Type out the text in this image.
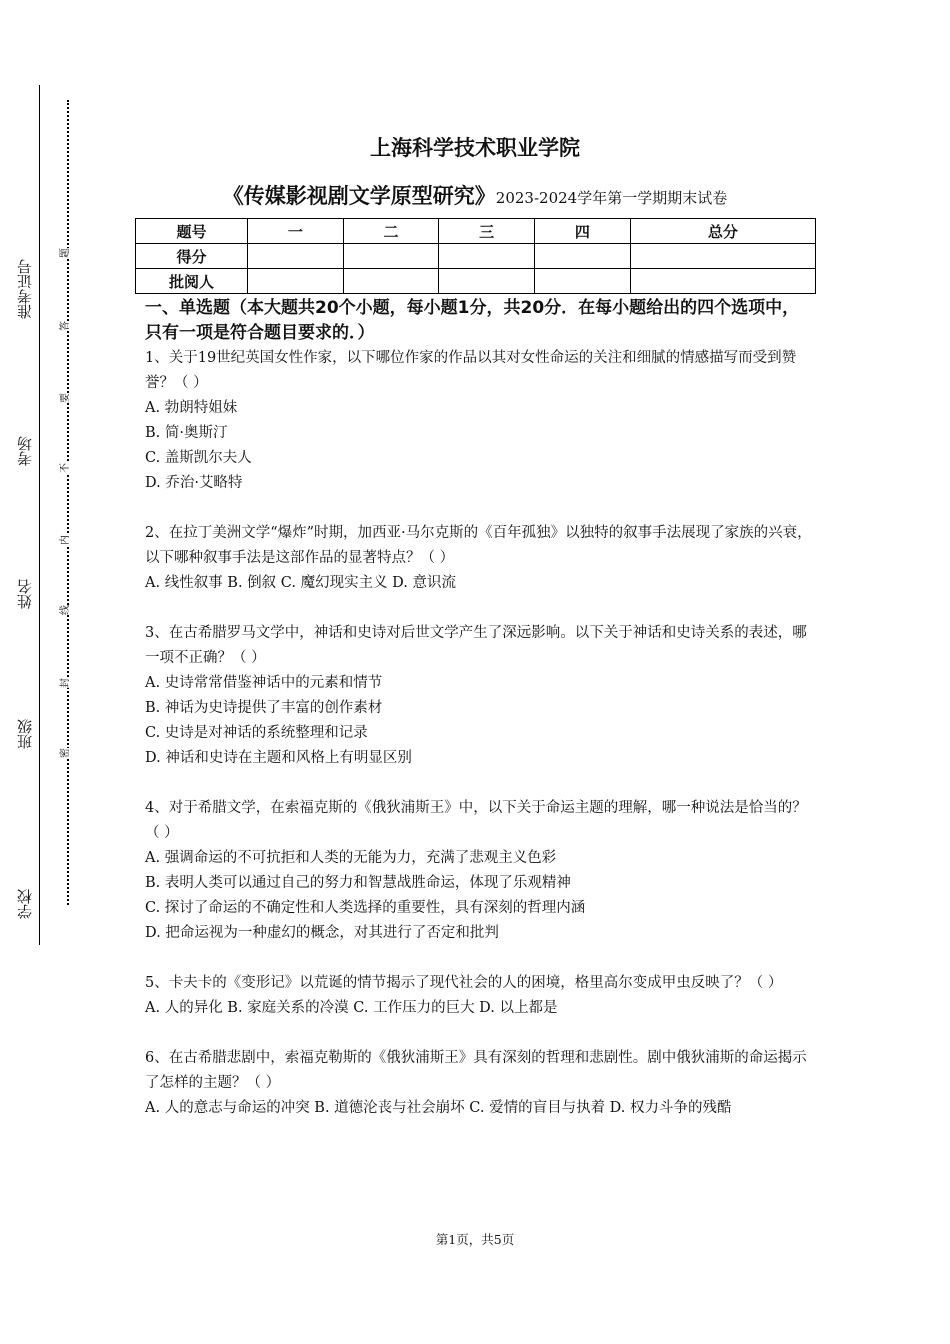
准考证号
考场
姓名
班级
学校
题
答
要
不
内
线
封
密
上海科学技术职业学院
《传媒影视剧文学原型研究》2023-2024学年第一学期期末试卷
题号	一	二	三	四	总分
得分					
批阅人					
一、单选题（本大题共20个小题，每小题1分，共20分．在每小题给出的四个选项中，只有一项是符合题目要求的．）

1、关于19世纪英国女性作家，以下哪位作家的作品以其对女性命运的关注和细腻的情感描写而受到赞誉？（ ）

A. 勃朗特姐妹

B. 简·奥斯汀

C. 盖斯凯尔夫人

D. 乔治·艾略特

2、在拉丁美洲文学“爆炸”时期，加西亚·马尔克斯的《百年孤独》以独特的叙事手法展现了家族的兴衰，以下哪种叙事手法是这部作品的显著特点？（ ）

A. 线性叙事 B. 倒叙 C. 魔幻现实主义 D. 意识流

3、在古希腊罗马文学中，神话和史诗对后世文学产生了深远影响。以下关于神话和史诗关系的表述，哪一项不正确？（ ）

A. 史诗常常借鉴神话中的元素和情节

B. 神话为史诗提供了丰富的创作素材

C. 史诗是对神话的系统整理和记录

D. 神话和史诗在主题和风格上有明显区别

4、对于希腊文学，在索福克斯的《俄狄浦斯王》中，以下关于命运主题的理解，哪一种说法是恰当的？（ ）

A. 强调命运的不可抗拒和人类的无能为力，充满了悲观主义色彩

B. 表明人类可以通过自己的努力和智慧战胜命运，体现了乐观精神

C. 探讨了命运的不确定性和人类选择的重要性，具有深刻的哲理内涵

D. 把命运视为一种虚幻的概念，对其进行了否定和批判

5、卡夫卡的《变形记》以荒诞的情节揭示了现代社会的人的困境，格里高尔变成甲虫反映了？（ ）

A. 人的异化 B. 家庭关系的冷漠 C. 工作压力的巨大 D. 以上都是

6、在古希腊悲剧中，索福克勒斯的《俄狄浦斯王》具有深刻的哲理和悲剧性。剧中俄狄浦斯的命运揭示了怎样的主题？（ ）

A. 人的意志与命运的冲突 B. 道德沦丧与社会崩坏 C. 爱情的盲目与执着 D. 权力斗争的残酷

第1页，共5页
